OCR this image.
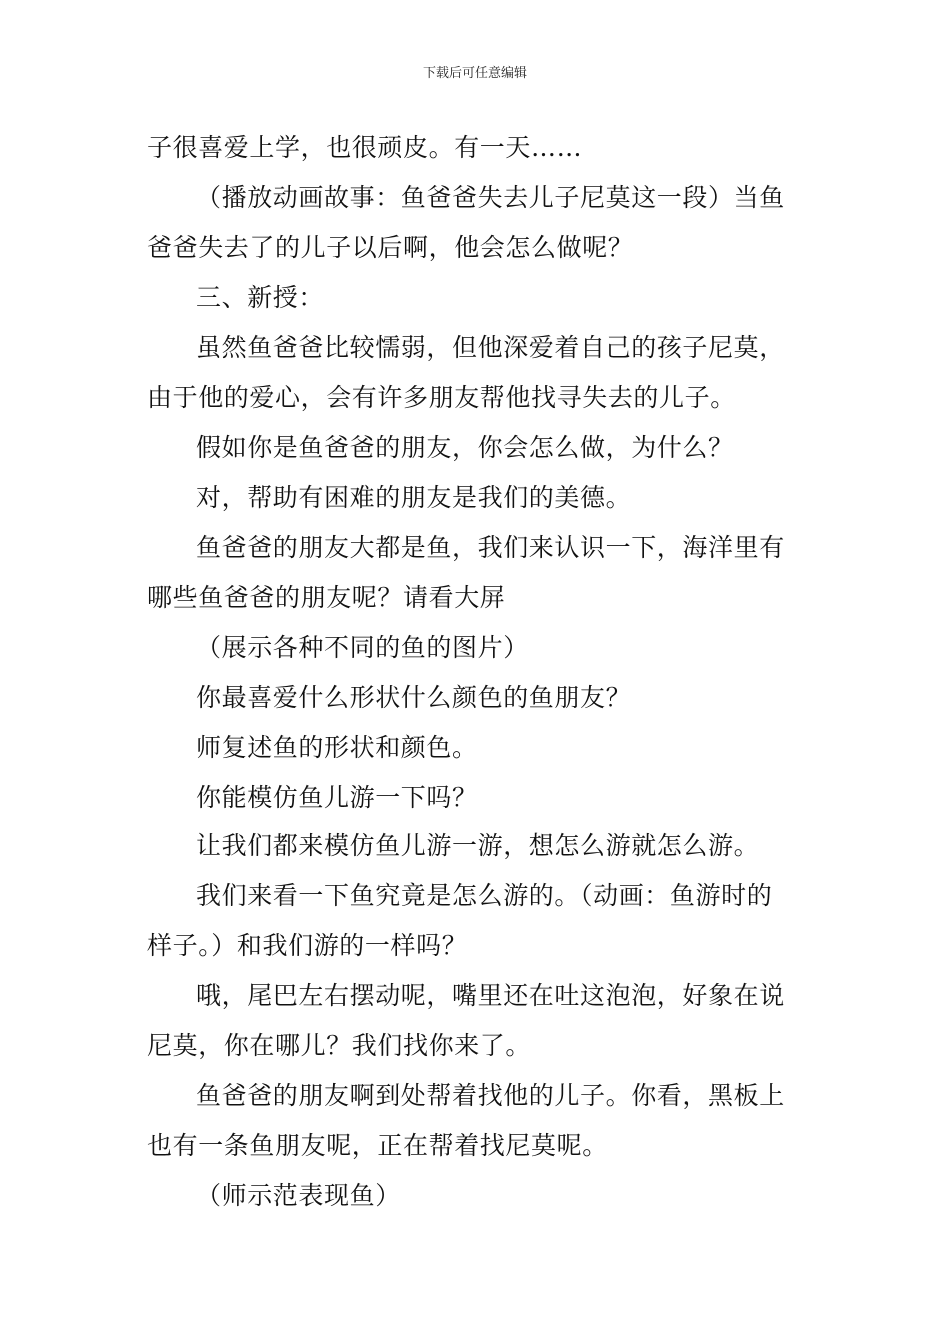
下载后可任意编辑
子很喜爱上学，也很顽皮。有一天……
（播放动画故事：鱼爸爸失去儿子尼莫这一段）当鱼
爸爸失去了的儿子以后啊，他会怎么做呢？
三、新授：
虽然鱼爸爸比较懦弱，但他深爱着自己的孩子尼莫，
由于他的爱心，会有许多朋友帮他找寻失去的儿子。
假如你是鱼爸爸的朋友，你会怎么做，为什么？
对，帮助有困难的朋友是我们的美德。
鱼爸爸的朋友大都是鱼，我们来认识一下，海洋里有
哪些鱼爸爸的朋友呢？请看大屏
（展示各种不同的鱼的图片）
你最喜爱什么形状什么颜色的鱼朋友？
师复述鱼的形状和颜色。
你能模仿鱼儿游一下吗？
让我们都来模仿鱼儿游一游，想怎么游就怎么游。
我们来看一下鱼究竟是怎么游的。（动画：鱼游时的
样子。）和我们游的一样吗？
哦，尾巴左右摆动呢，嘴里还在吐这泡泡，好象在说
尼莫，你在哪儿？我们找你来了。
鱼爸爸的朋友啊到处帮着找他的儿子。你看，黑板上
也有一条鱼朋友呢，正在帮着找尼莫呢。
（师示范表现鱼）
